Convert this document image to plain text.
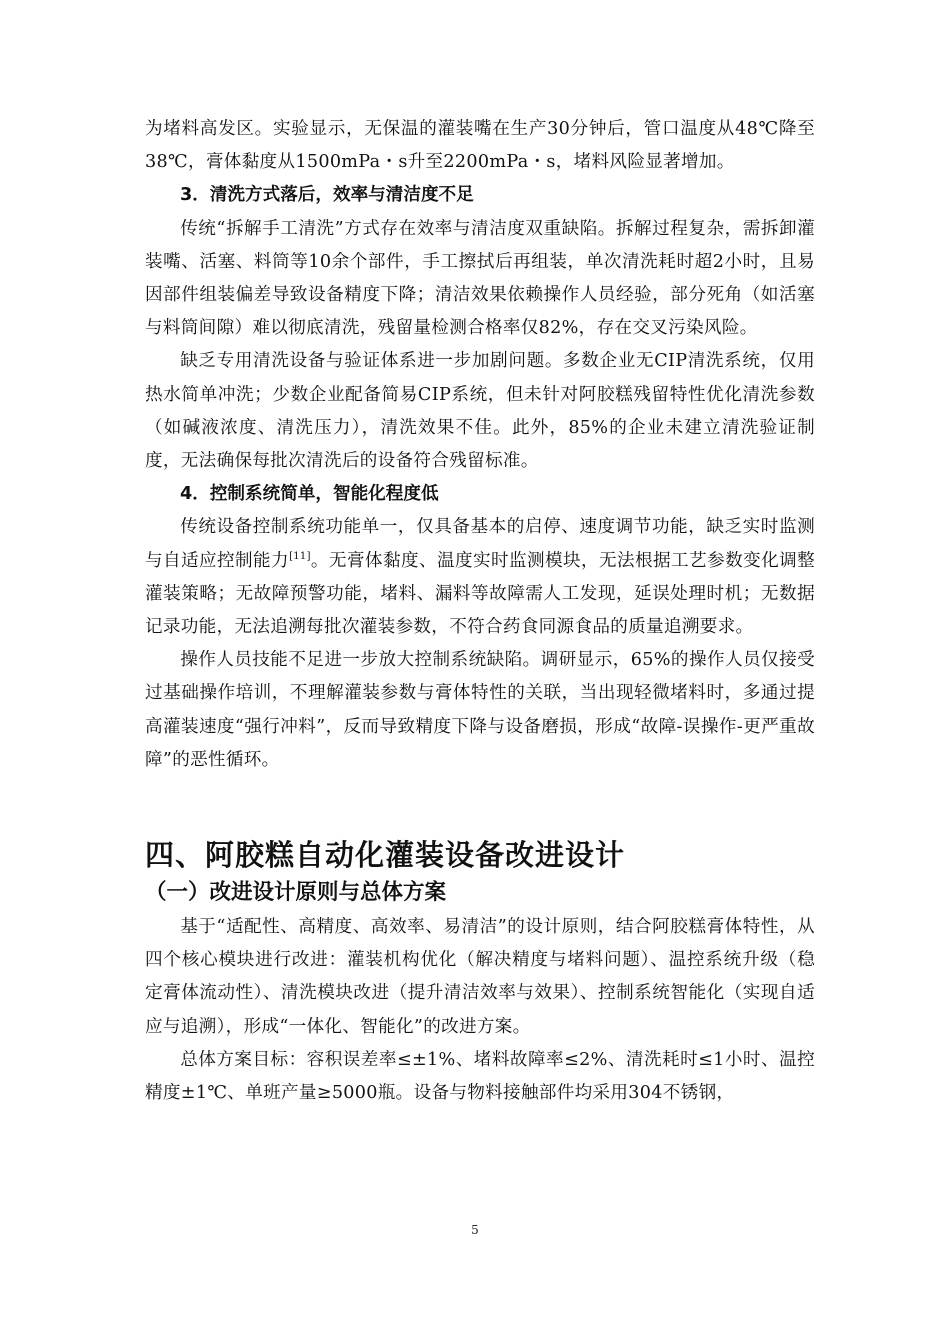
为堵料高发区。实验显示，无保温的灌装嘴在生产30分钟后，管口温度从48℃降至38℃，膏体黏度从1500mPa・s升至2200mPa・s，堵料风险显著增加。

3．清洗方式落后，效率与清洁度不足

传统“拆解手工清洗”方式存在效率与清洁度双重缺陷。拆解过程复杂，需拆卸灌装嘴、活塞、料筒等10余个部件，手工擦拭后再组装，单次清洗耗时超2小时，且易因部件组装偏差导致设备精度下降；清洁效果依赖操作人员经验，部分死角（如活塞与料筒间隙）难以彻底清洗，残留量检测合格率仅82%，存在交叉污染风险。

缺乏专用清洗设备与验证体系进一步加剧问题。多数企业无CIP清洗系统，仅用热水简单冲洗；少数企业配备简易CIP系统，但未针对阿胶糕残留特性优化清洗参数（如碱液浓度、清洗压力），清洗效果不佳。此外，85%的企业未建立清洗验证制度，无法确保每批次清洗后的设备符合残留标准。

4．控制系统简单，智能化程度低

传统设备控制系统功能单一，仅具备基本的启停、速度调节功能，缺乏实时监测与自适应控制能力[11]。无膏体黏度、温度实时监测模块，无法根据工艺参数变化调整灌装策略；无故障预警功能，堵料、漏料等故障需人工发现，延误处理时机；无数据记录功能，无法追溯每批次灌装参数，不符合药食同源食品的质量追溯要求。

操作人员技能不足进一步放大控制系统缺陷。调研显示，65%的操作人员仅接受过基础操作培训，不理解灌装参数与膏体特性的关联，当出现轻微堵料时，多通过提高灌装速度“强行冲料”，反而导致精度下降与设备磨损，形成“故障-误操作-更严重故障”的恶性循环。

四、阿胶糕自动化灌装设备改进设计

（一）改进设计原则与总体方案

基于“适配性、高精度、高效率、易清洁”的设计原则，结合阿胶糕膏体特性，从四个核心模块进行改进：灌装机构优化（解决精度与堵料问题）、温控系统升级（稳定膏体流动性）、清洗模块改进（提升清洁效率与效果）、控制系统智能化（实现自适应与追溯），形成“一体化、智能化”的改进方案。

总体方案目标：容积误差率≤±1%、堵料故障率≤2%、清洗耗时≤1小时、温控精度±1℃、单班产量≥5000瓶。设备与物料接触部件均采用304不锈钢，

5
